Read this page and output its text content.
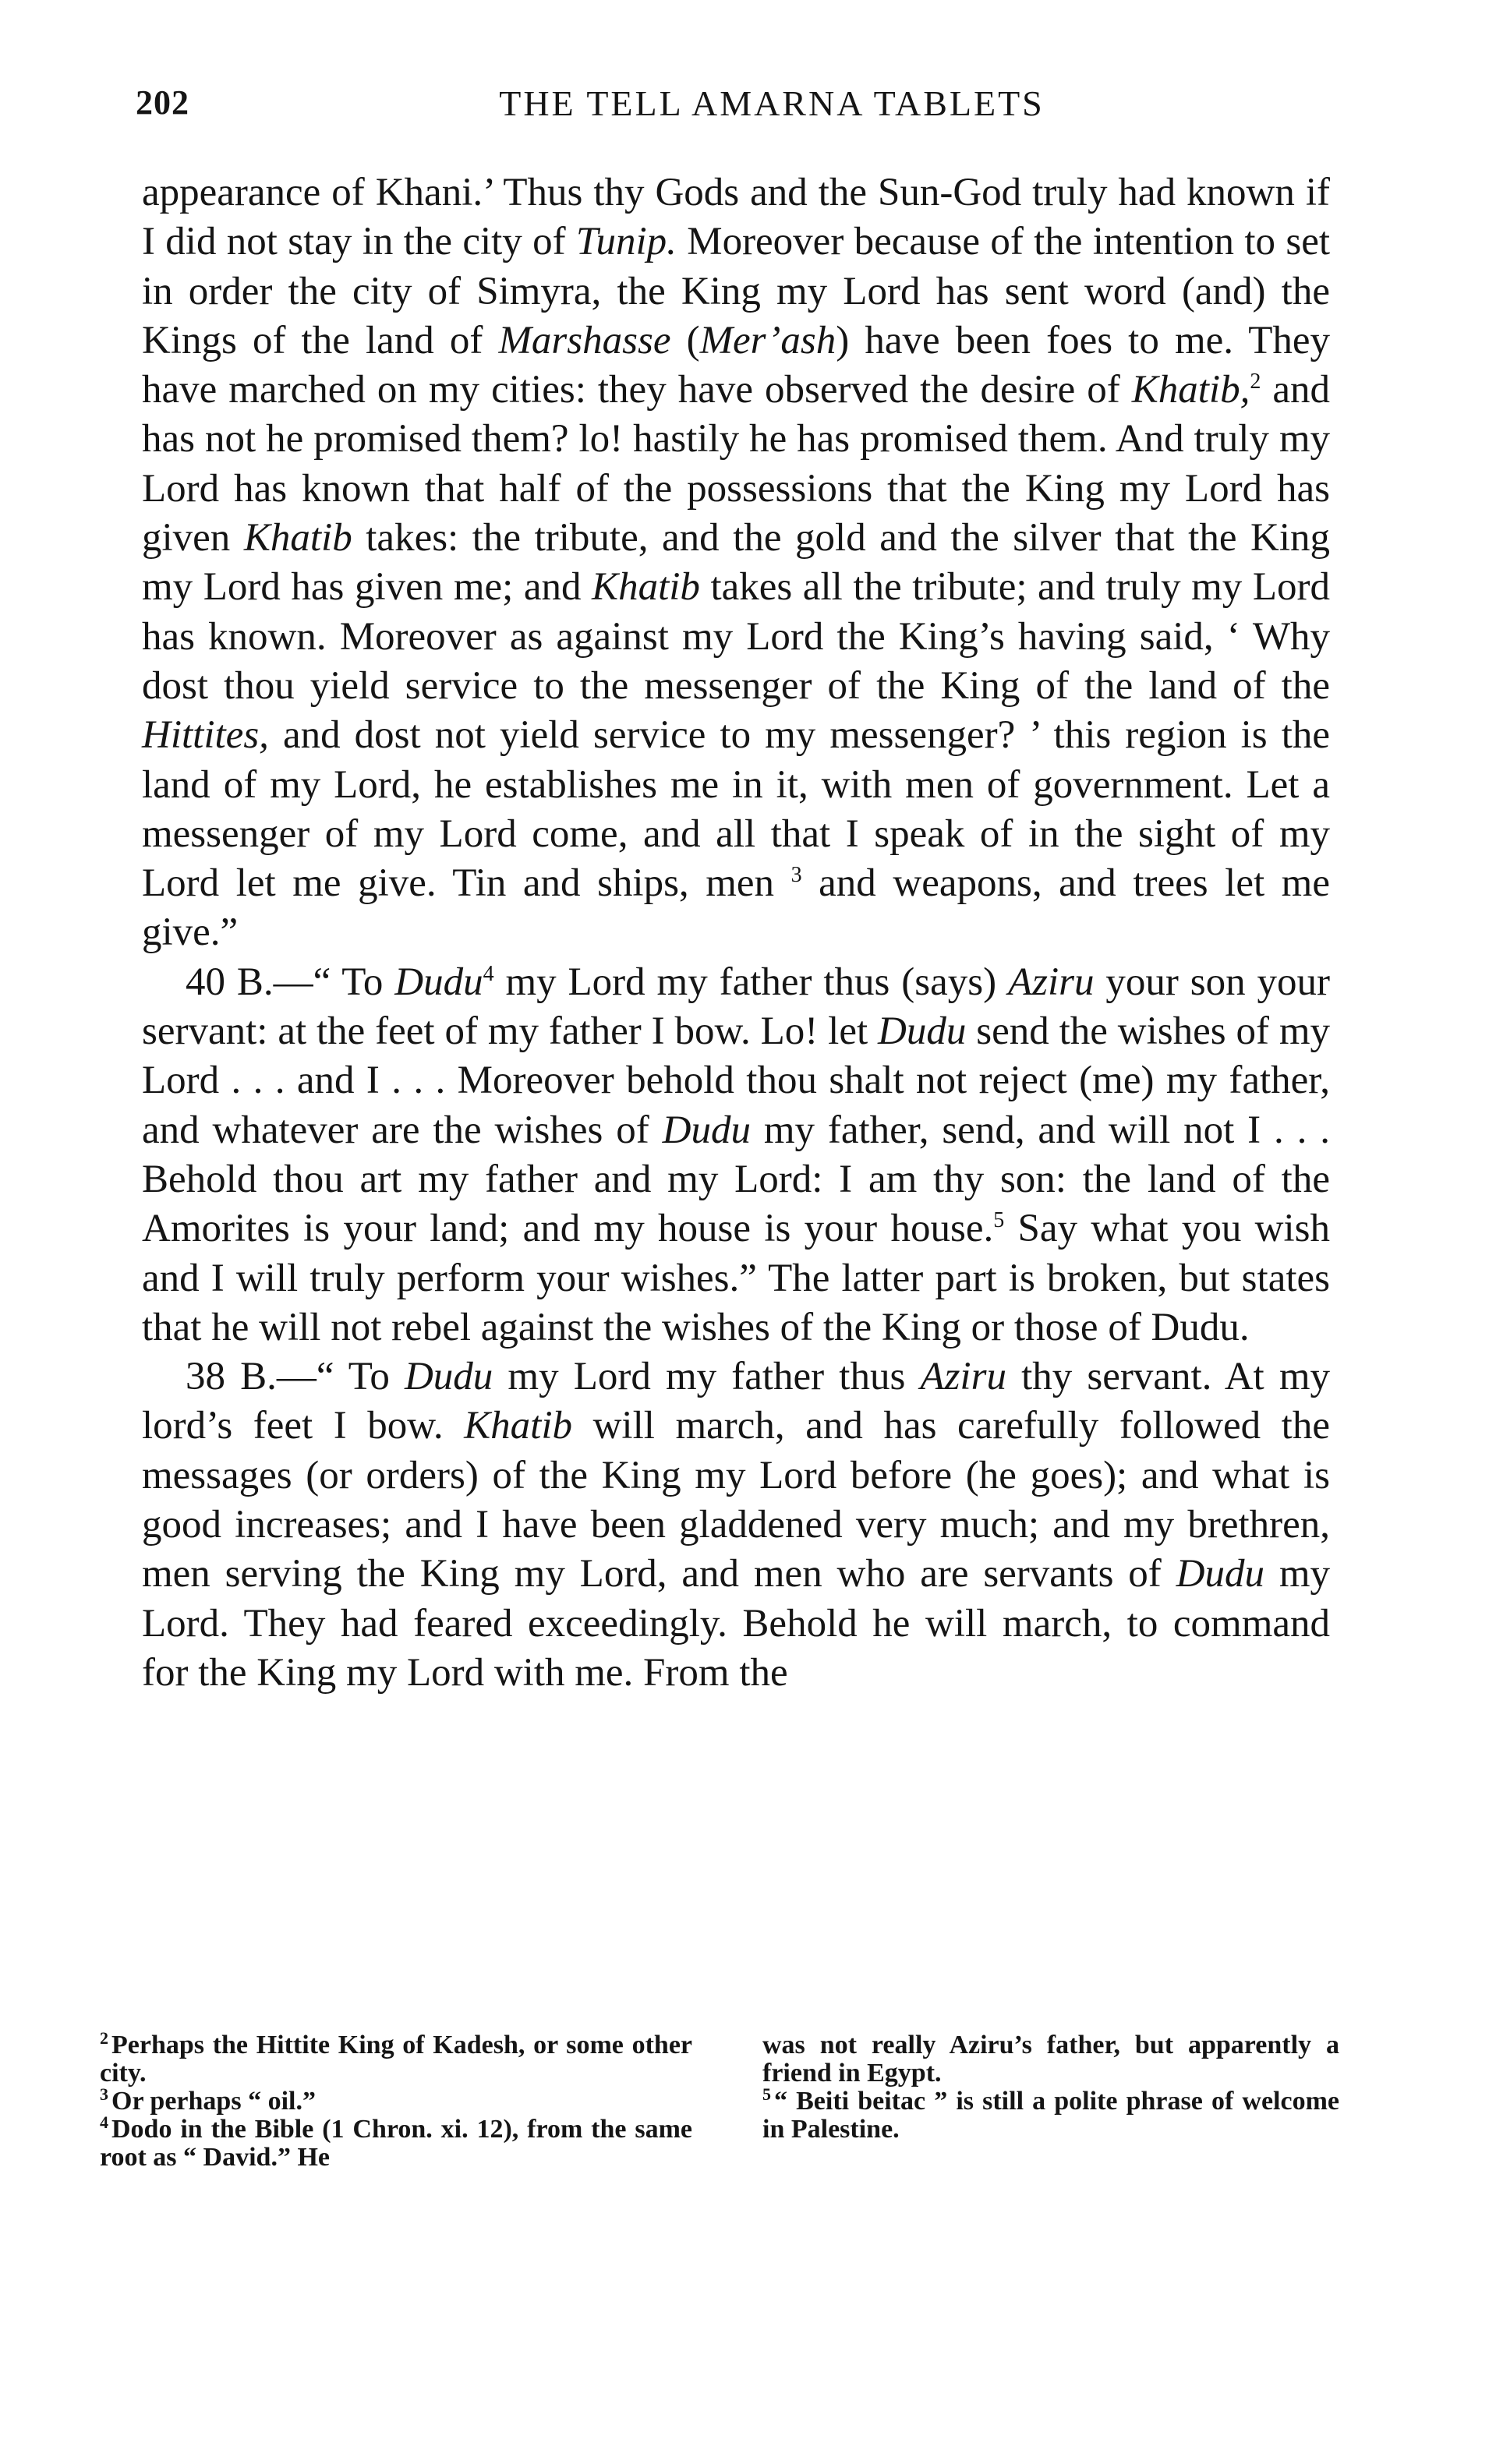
202	THE TELL AMARNA TABLETS

appearance of Khani.’ Thus thy Gods and the Sun-God truly had known if I did not stay in the city of Tunip. Moreover because of the intention to set in order the city of Simyra, the King my Lord has sent word (and) the Kings of the land of Marshasse (Mer’ash) have been foes to me. They have marched on my cities: they have observed the desire of Khatib,$^2$ and has not he promised them? lo! hastily he has promised them. And truly my Lord has known that half of the possessions that the King my Lord has given Khatib takes: the tribute, and the gold and the silver that the King my Lord has given me; and Khatib takes all the tribute; and truly my Lord has known. Moreover as against my Lord the King’s having said, ‘ Why dost thou yield service to the messenger of the King of the land of the Hittites, and dost not yield service to my messenger? ’ this region is the land of my Lord, he establishes me in it, with men of government. Let a messenger of my Lord come, and all that I speak of in the sight of my Lord let me give. Tin and ships, men $^3$ and weapons, and trees let me give.”

40 B.—“ To Dudu$^4$ my Lord my father thus (says) Aziru your son your servant: at the feet of my father I bow. Lo! let Dudu send the wishes of my Lord . . . and I . . . Moreover behold thou shalt not reject (me) my father, and whatever are the wishes of Dudu my father, send, and will not I . . . Behold thou art my father and my Lord: I am thy son: the land of the Amorites is your land; and my house is your house.$^5$ Say what you wish and I will truly perform your wishes.” The latter part is broken, but states that he will not rebel against the wishes of the King or those of Dudu.

38 B.—“ To Dudu my Lord my father thus Aziru thy servant. At my lord’s feet I bow. Khatib will march, and has carefully followed the messages (or orders) of the King my Lord before (he goes); and what is good increases; and I have been gladdened very much; and my brethren, men serving the King my Lord, and men who are servants of Dudu my Lord. They had feared exceedingly. Behold he will march, to command for the King my Lord with me. From the

$^2$ Perhaps the Hittite King of Kadesh, or some other city.

$^3$ Or perhaps “ oil.”

$^4$ Dodo in the Bible (1 Chron. xi. 12), from the same root as “ David.” He

was not really Aziru’s father, but apparently a friend in Egypt.

$^5$ “ Beiti beitac ” is still a polite phrase of welcome in Palestine.
